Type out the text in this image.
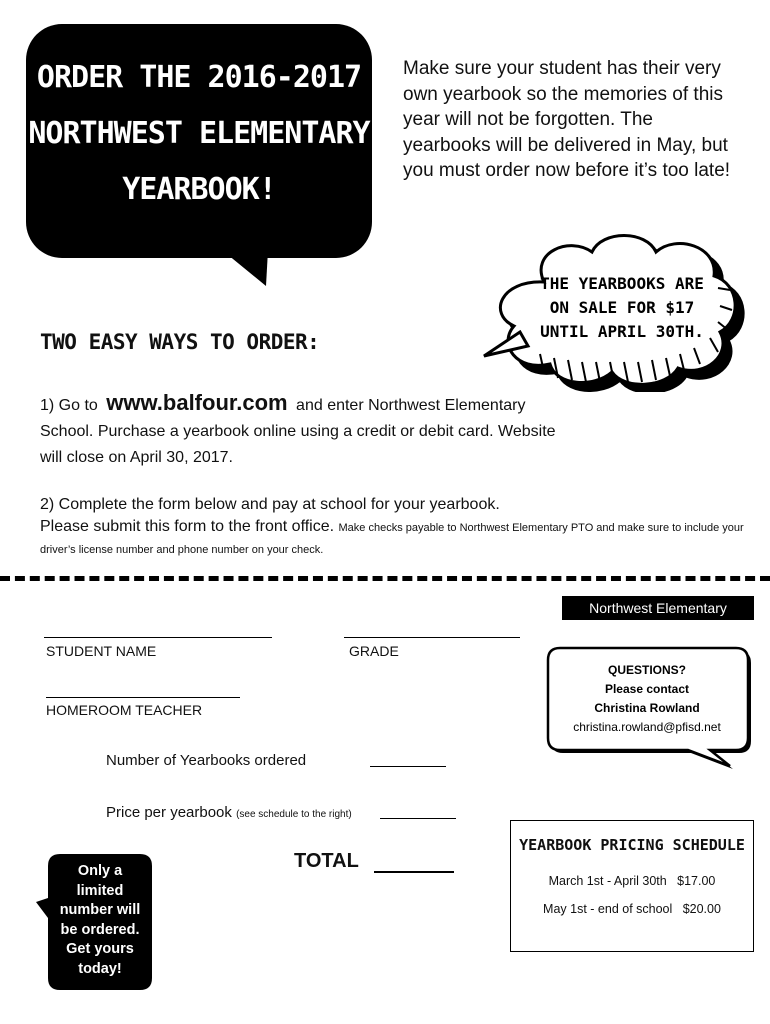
ORDER THE 2016-2017
NORTHWEST ELEMENTARY
YEARBOOK!
Make sure your student has their very own yearbook so the memories of this year will not be forgotten. The yearbooks will be delivered in May, but you must order now before it’s too late!
THE YEARBOOKS ARE
ON SALE FOR $17
UNTIL APRIL 30TH.
TWO EASY WAYS TO ORDER:
1) Go to www.balfour.com and enter Northwest Elementary School. Purchase a yearbook online using a credit or debit card. Website will close on April 30, 2017.
2) Complete the form below and pay at school for your yearbook.
Please submit this form to the front office. Make checks payable to Northwest Elementary PTO and make sure to include your driver’s license number and phone number on your check.
Northwest Elementary
STUDENT NAME	GRADE
HOMEROOM TEACHER
Number of Yearbooks ordered
Price per yearbook (see schedule to the right)
TOTAL
QUESTIONS?
Please contact
Christina Rowland
christina.rowland@pfisd.net
YEARBOOK PRICING SCHEDULE
March 1st - April 30th $17.00
May 1st - end of school $20.00
Only a
limited
number will
be ordered.
Get yours
today!
